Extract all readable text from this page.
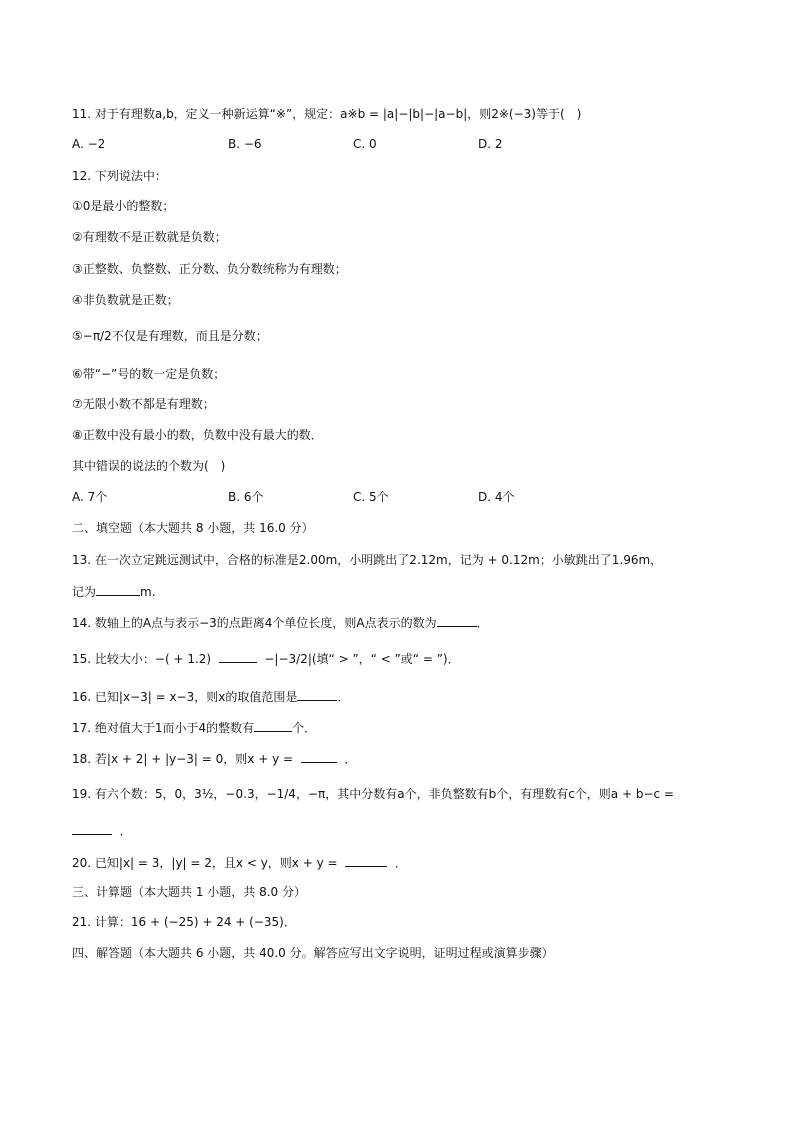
11. 对于有理数a,b，定义一种新运算“※”，规定：a※b = |a|−|b|−|a−b|，则2※(−3)等于(　)
A. −2	B. −6	C. 0	D. 2
12. 下列说法中：
①0是最小的整数；
②有理数不是正数就是负数；
③正整数、负整数、正分数、负分数统称为有理数；
④非负数就是正数；
⑤−π/2不仅是有理数，而且是分数；
⑥带“−”号的数一定是负数；
⑦无限小数不都是有理数；
⑧正数中没有最小的数，负数中没有最大的数．
其中错误的说法的个数为(　)
A. 7个	B. 6个	C. 5个	D. 4个
二、填空题（本大题共 8 小题，共 16.0 分）
13. 在一次立定跳远测试中，合格的标准是2.00m，小明跳出了2.12m，记为 + 0.12m；小敏跳出了1.96m，
记为	m.
14. 数轴上的A点与表示−3的点距离4个单位长度，则A点表示的数为	．
15. 比较大小：−( + 1.2)	−|−3/2|(填“ > ”，“ < ”或“ = ”)．
16. 已知|x−3| = x−3，则x的取值范围是	．
17. 绝对值大于1而小于4的整数有	个．
18. 若|x + 2| + |y−3| = 0，则x + y =	．
19. 有六个数：5，0，3½，−0.3，−1/4，−π，其中分数有a个，非负整数有b个，有理数有c个，则a + b−c =
．
20. 已知|x| = 3，|y| = 2，且x < y，则x + y =	．
三、计算题（本大题共 1 小题，共 8.0 分）
21. 计算：16 + (−25) + 24 + (−35)．
四、解答题（本大题共 6 小题，共 40.0 分。解答应写出文字说明，证明过程或演算步骤）
